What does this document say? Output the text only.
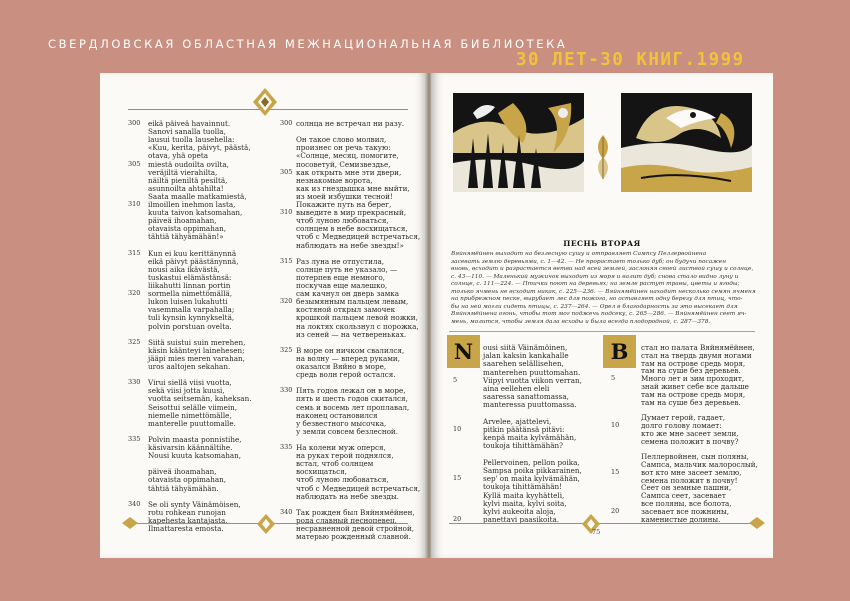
СВЕРДЛОВСКАЯ ОБЛАСТНАЯ МЕЖНАЦИОНАЛЬНАЯ БИБЛИОТЕКА
30 ЛЕТ-30 КНИГ.1999
300 eikä päiveä havainnut.
Sanovi sanalla tuolla,
lausui tuolla lausehella:
«Kuu, kerita, päivyt, päästä,
otava, yhä opeta
305 miestä oudoilta ovilta,
veräjiltä vierahilta,
näiltä pieniltä pesiltä,
asunnoilta ahtahilta!
Saata maalle matkamiestä,
310 ilmoillen inehmon lasta,
kuuta taivon katsomahan,
päiveä ihoamahan,
otavaista oppimahan,
tähtiä tähyämähän!»
315 Kun ei kuu kerittänynnä
eikä päivyt päästänynnä,
nousi aika ikävästä,
tuskastui elämästänsä:
liikahutti linnan portin
320 sormella nimettömällä,
lukon luisen lukahutti
vasemmalla varpahalla;
tuli kynsin kynnykseltä,
polvin porstuan ovelta.
325 Siitä suistui suin merehen,
käsin käänteyi lainehesen;
jääpi mies meren varahan,
uros aaltojen sekahan.
330 Virui siellä viisi vuotta,
sekä viisi jotta kuusi,
vuotta seitsemän, kaheksan.
Seisottui selälle viimein,
niemelle nimettömälle,
manterelle puuttomalle.
335 Polvin maasta ponnistihe,
käsivarsin käännältihe.
Nousi kuuta katsomahan,
päiveä ihoamahan,
otavaista oppimahan,
tähtiä tähyämähän.
340 Se oli synty Väinämöisen,
rotu rohkean runojan
kapehesta kantajasta,
Ilmattaresta emosta.
300 солнца не встречал ни разу.
Он такое слово молвил,
произнес он речь такую:
«Солнце, месяц, помогите,
посоветуй, Семизвездье,
305 как открыть мне эти двери,
незнакомые ворота,
как из гнездышка мне выйти,
из моей избушки тесной!
Покажите путь на берег,
310 выведите в мир прекрасный,
чтоб луною любоваться,
солнцем в небе восхищаться,
чтоб с Медведицей встречаться,
наблюдать на небе звезды!»
315 Раз луна не отпустила,
солнце путь не указало, —
потерпев еще немного,
поскучав еще малешко,
сам качнул он дверь замка
320 безымянным пальцем левым,
костяной открыл замочек
крошкой пальцем левой ножки,
на локтях скользнул с порожка,
из сеней — на четвереньках.
325 В море он ничком свалился,
на волну — вперед руками,
оказался Вяйно в море,
средь волн герой остался.
330 Пять годов лежал он в море,
пять и шесть годов скитался,
семь и восемь лет проплавал,
наконец остановился
у безвестного мысочка,
у земли совсем безлесной.
335 На колени муж оперся,
на руках герой поднялся,
встал, чтоб солнцем
восхищаться,
чтоб луною любоваться,
чтоб с Медведицей встречаться,
наблюдать на небе звезды.
340 Так рожден был Вяйнямёйнен,
рода славный песнопевец,
несравненной девой стройной,
матерью рожденный славной.
ПЕСНЬ ВТОРАЯ
Вяйнямёйнен выходит на безлесную сушу и отправляет Сампсу Пеллервойнена
засевать землю деревьями, с. 1—42. — Не прорастает только дуб; он будучи посажен
вновь, всходит и разрастается ветви над всей землей, заслоняя своей листвой сушу и солнце,
с. 43—110. — Маленький мужичок выходит из моря и валит дуб; снова стало видно луну и
солнце, с. 111—224. — Птички поют на деревьях; на земле растут травы, цветы и ягоды;
только ячмень не всходит никак, с. 225—236. — Вяйнямёйнен находит несколько семян ячменя
на прибрежном песке, вырубает лес для пожога, но оставляет одну березу для птиц, что-
бы на ней могли сидеть птицы, с. 237—264. — Орел в благодарность за это высекает для
Вяйнямёйнена огонь, чтобы тот мог поджечь подсеку, с. 265—286. — Вяйнямёйнен сеет яч-
мень, молится, чтобы земля дала всходы и была всегда плодородной, с. 287—378.
N	В
ousi siitä Väinämöinen,
jalan kaksin kankahalle
saarehen selällisehen,
manterehen puuttomahan.
5	Viipyi vuotta viikon verran,
aina eellehen eleli
saaressa sanattomassa,
manteressa puuttomassa.
Arvelee, ajattelevi,
10	pitkin päätänsä pitävi:
kenpä maita kylvämähän,
toukoja tihittämähän?
Pellervoinen, pellon poika,
Sampsa poika pikkarainen,
15	sep' on maita kylvämähän,
toukoja tihittämähän!
Kyllä maita kyyhätteli,
kylvi maita, kylvi soita,
kylvi aukeoita aloja,
20	panettavi paasikoita.
стал но палата Вяйнямёйнен,
стал на твердь двумя ногами
там на острове средь моря,
там на суше без деревьев.
5	Много лет и зим проходит,
знай живет себе все дальше
там на острове средь моря,
там на суше без деревьев.
Думает герой, гадает,
10	долго голову ломает:
кто же мне засеет земли,
семена положит в почву?
Пеллервойнен, сын поляны,
Сампса, мальчик малорослый,
15	вот кто мне засеет землю,
семена положит в почву!
Сеет он земные пашни,
Сампса сеет, засевает
все поляны, все болота,
20	засевает все пожнины,
каменистые долины.
75
